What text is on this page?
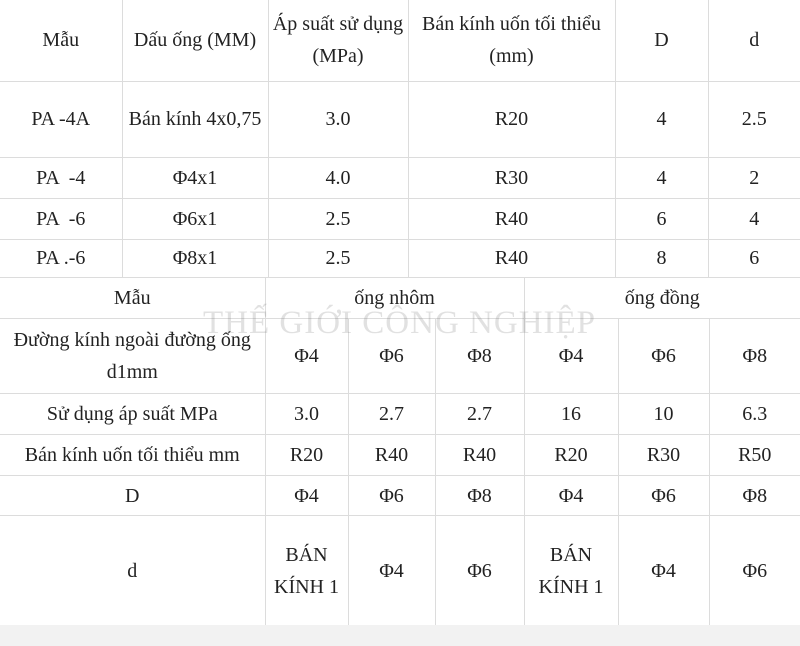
Mẫu	Dấu ống (MM)	Áp suất sử dụng (MPa)	Bán kính uốn tối thiểu (mm)	D	d
PA -4A	Bán kính 4x0,75	3.0	R20	4	2.5
PA  -4	Φ4x1	4.0	R30	4	2
PA  -6	Φ6x1	2.5	R40	6	4
PA .-6	Φ8x1	2.5	R40	8	6
Mẫu	ống nhôm			ống đồng		
Đường kính ngoài đường ống d1mm	Φ4	Φ6	Φ8	Φ4	Φ6	Φ8
Sử dụng áp suất MPa	3.0	2.7	2.7	16	10	6.3
Bán kính uốn tối thiểu mm	R20	R40	R40	R20	R30	R50
D	Φ4	Φ6	Φ8	Φ4	Φ6	Φ8
d	BÁN KÍNH 1	Φ4	Φ6	BÁN KÍNH 1	Φ4	Φ6
THẾ GIỚI CÔNG NGHIỆP
